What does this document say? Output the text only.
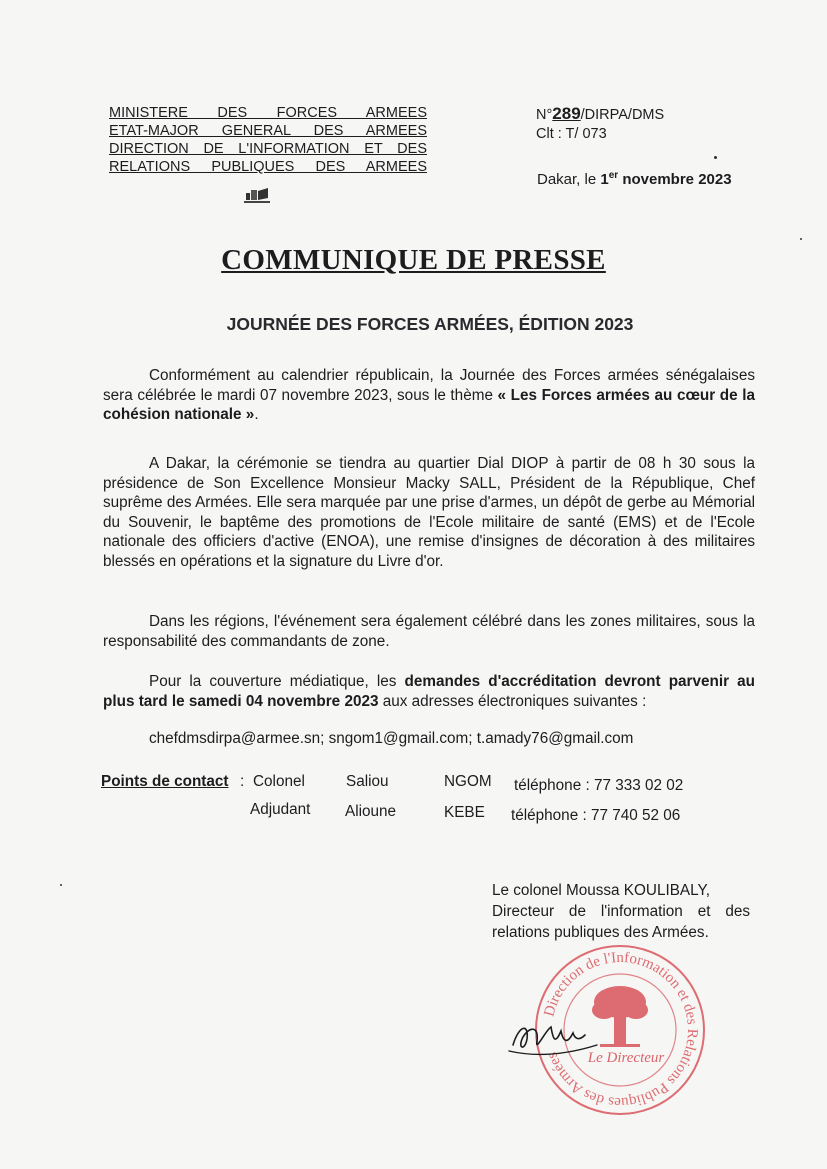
MINISTERE DES FORCES ARMEES
ETAT-MAJOR GENERAL DES ARMEES
DIRECTION DE L'INFORMATION ET DES
RELATIONS PUBLIQUES DES ARMEES
N°289/DIRPA/DMS
Clt : T/ 073
Dakar, le 1er novembre 2023
COMMUNIQUE DE PRESSE
JOURNÉE DES FORCES ARMÉES, ÉDITION 2023
Conformément au calendrier républicain, la Journée des Forces armées sénégalaises sera célébrée le mardi 07 novembre 2023, sous le thème « Les Forces armées au cœur de la cohésion nationale ».
A Dakar, la cérémonie se tiendra au quartier Dial DIOP à partir de 08 h 30 sous la présidence de Son Excellence Monsieur Macky SALL, Président de la République, Chef suprême des Armées. Elle sera marquée par une prise d'armes, un dépôt de gerbe au Mémorial du Souvenir, le baptême des promotions de l'Ecole militaire de santé (EMS) et de l'Ecole nationale des officiers d'active (ENOA), une remise d'insignes de décoration à des militaires blessés en opérations et la signature du Livre d'or.
Dans les régions, l'événement sera également célébré dans les zones militaires, sous la responsabilité des commandants de zone.
Pour la couverture médiatique, les demandes d'accréditation devront parvenir au plus tard le samedi 04 novembre 2023 aux adresses électroniques suivantes :
chefdmsdirpa@armee.sn; sngom1@gmail.com; t.amady76@gmail.com
Points de contact : Colonel	Saliou	NGOM téléphone : 77 333 02 02
Adjudant Alioune	KEBE téléphone : 77 740 52 06
Le colonel Moussa KOULIBALY,
Directeur de l'information et des
relations publiques des Armées.
Direction de l'Information et des Relations Publiques des Armées	Le Directeur
